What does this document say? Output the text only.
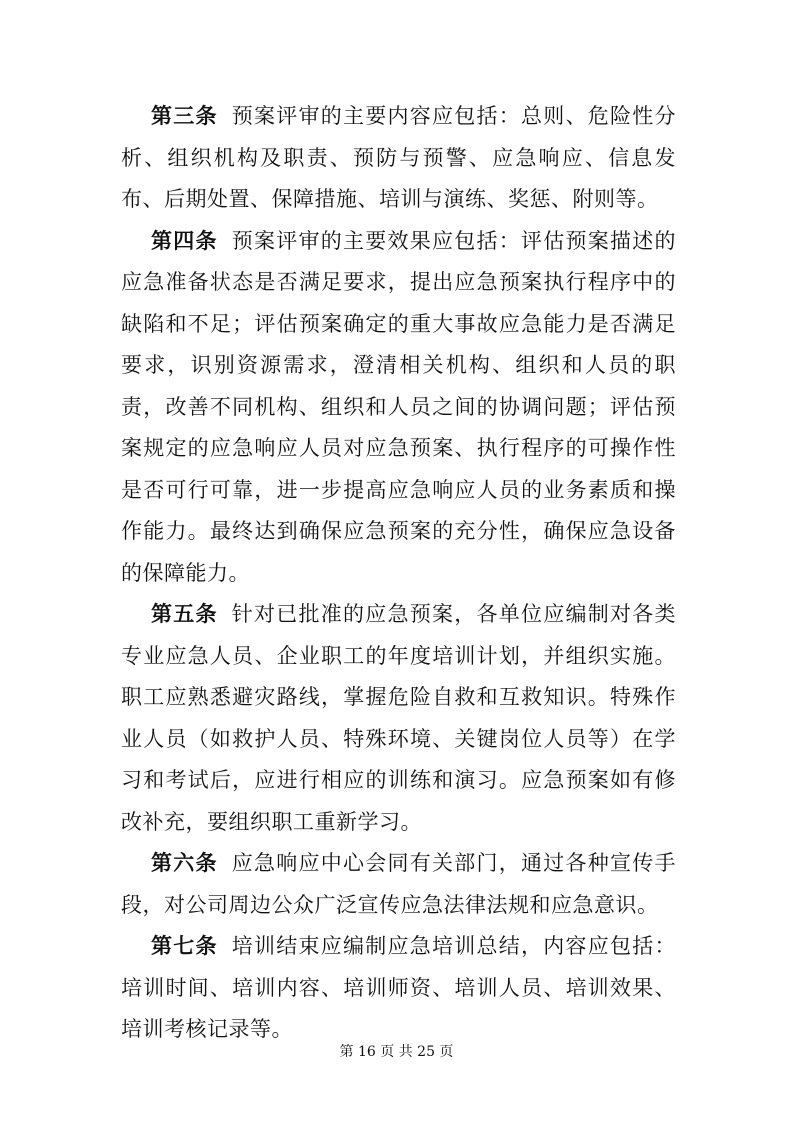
第三条 预案评审的主要内容应包括：总则、危险性分析、组织机构及职责、预防与预警、应急响应、信息发布、后期处置、保障措施、培训与演练、奖惩、附则等。

第四条 预案评审的主要效果应包括：评估预案描述的应急准备状态是否满足要求，提出应急预案执行程序中的缺陷和不足；评估预案确定的重大事故应急能力是否满足要求，识别资源需求，澄清相关机构、组织和人员的职责，改善不同机构、组织和人员之间的协调问题；评估预案规定的应急响应人员对应急预案、执行程序的可操作性是否可行可靠，进一步提高应急响应人员的业务素质和操作能力。最终达到确保应急预案的充分性，确保应急设备的保障能力。

第五条 针对已批准的应急预案，各单位应编制对各类专业应急人员、企业职工的年度培训计划，并组织实施。职工应熟悉避灾路线，掌握危险自救和互救知识。特殊作业人员（如救护人员、特殊环境、关键岗位人员等）在学习和考试后，应进行相应的训练和演习。应急预案如有修改补充，要组织职工重新学习。

第六条 应急响应中心会同有关部门，通过各种宣传手段，对公司周边公众广泛宣传应急法律法规和应急意识。

第七条 培训结束应编制应急培训总结，内容应包括：培训时间、培训内容、培训师资、培训人员、培训效果、培训考核记录等。

第 16 页 共 25 页
